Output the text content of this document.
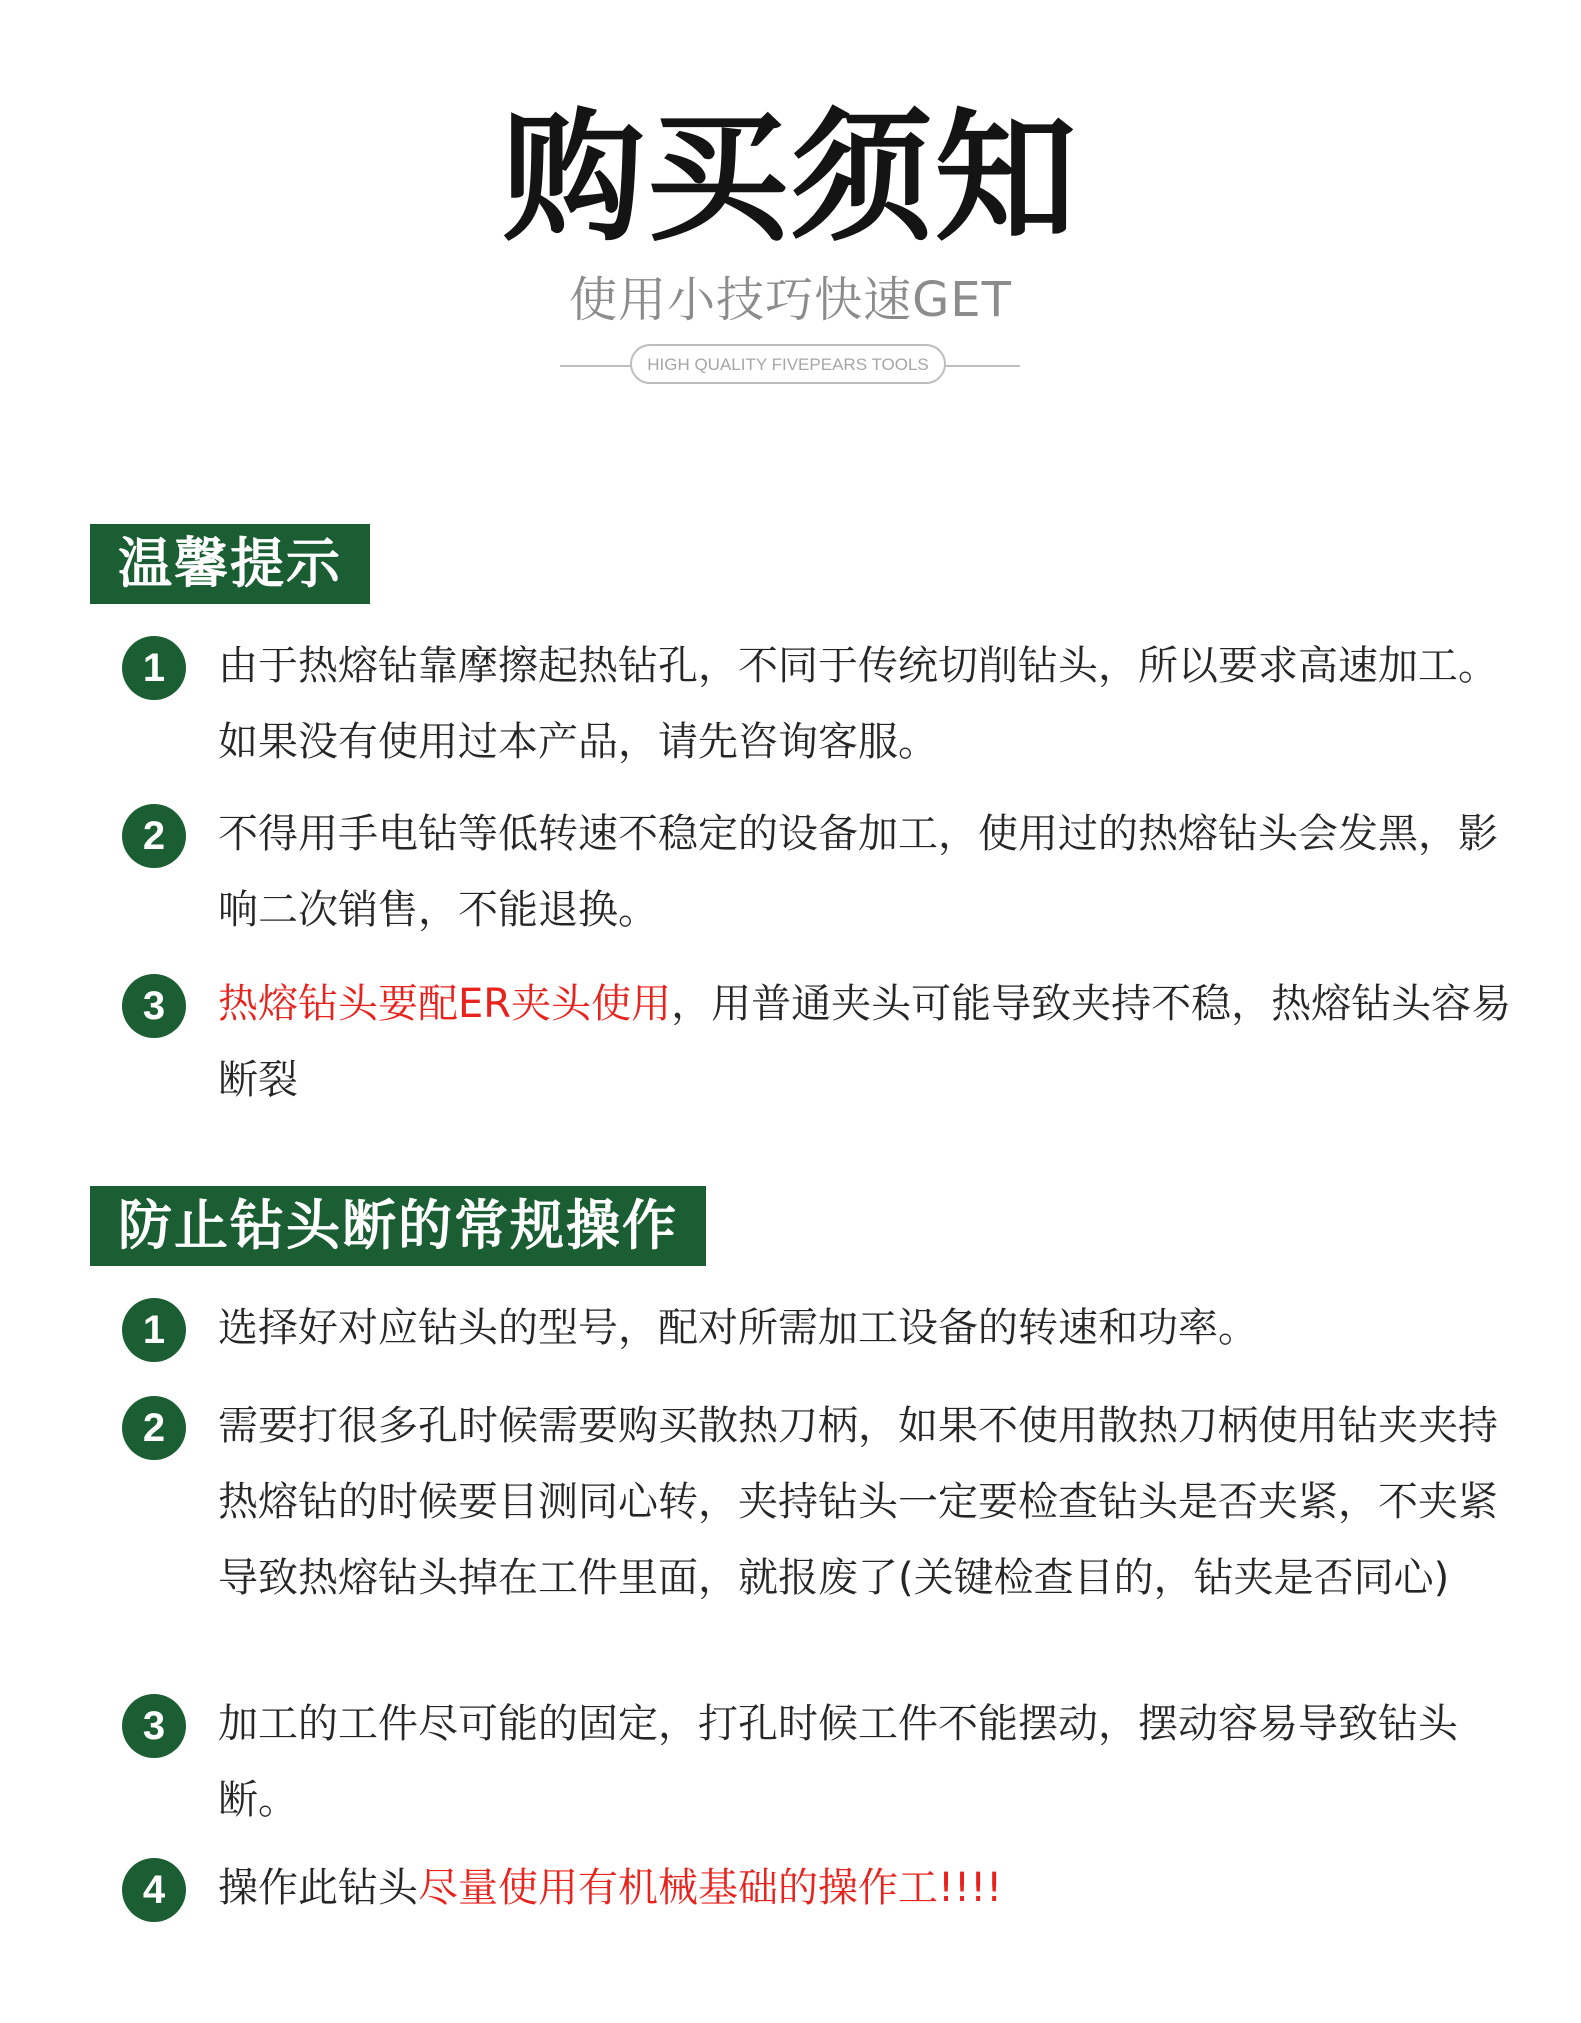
购买须知
使用小技巧快速GET
HIGH QUALITY FIVEPEARS TOOLS
温馨提示
1	由于热熔钻靠摩擦起热钻孔，不同于传统切削钻头，所以要求高速加工。如果没有使用过本产品，请先咨询客服。
2	不得用手电钻等低转速不稳定的设备加工，使用过的热熔钻头会发黑，影响二次销售，不能退换。
3	热熔钻头要配ER夹头使用，用普通夹头可能导致夹持不稳，热熔钻头容易断裂
防止钻头断的常规操作
1	选择好对应钻头的型号，配对所需加工设备的转速和功率。
2	需要打很多孔时候需要购买散热刀柄，如果不使用散热刀柄使用钻夹夹持热熔钻的时候要目测同心转，夹持钻头一定要检查钻头是否夹紧，不夹紧导致热熔钻头掉在工件里面，就报废了(关键检查目的，钻夹是否同心)
3	加工的工件尽可能的固定，打孔时候工件不能摆动，摆动容易导致钻头断。
4	操作此钻头尽量使用有机械基础的操作工!!!!
